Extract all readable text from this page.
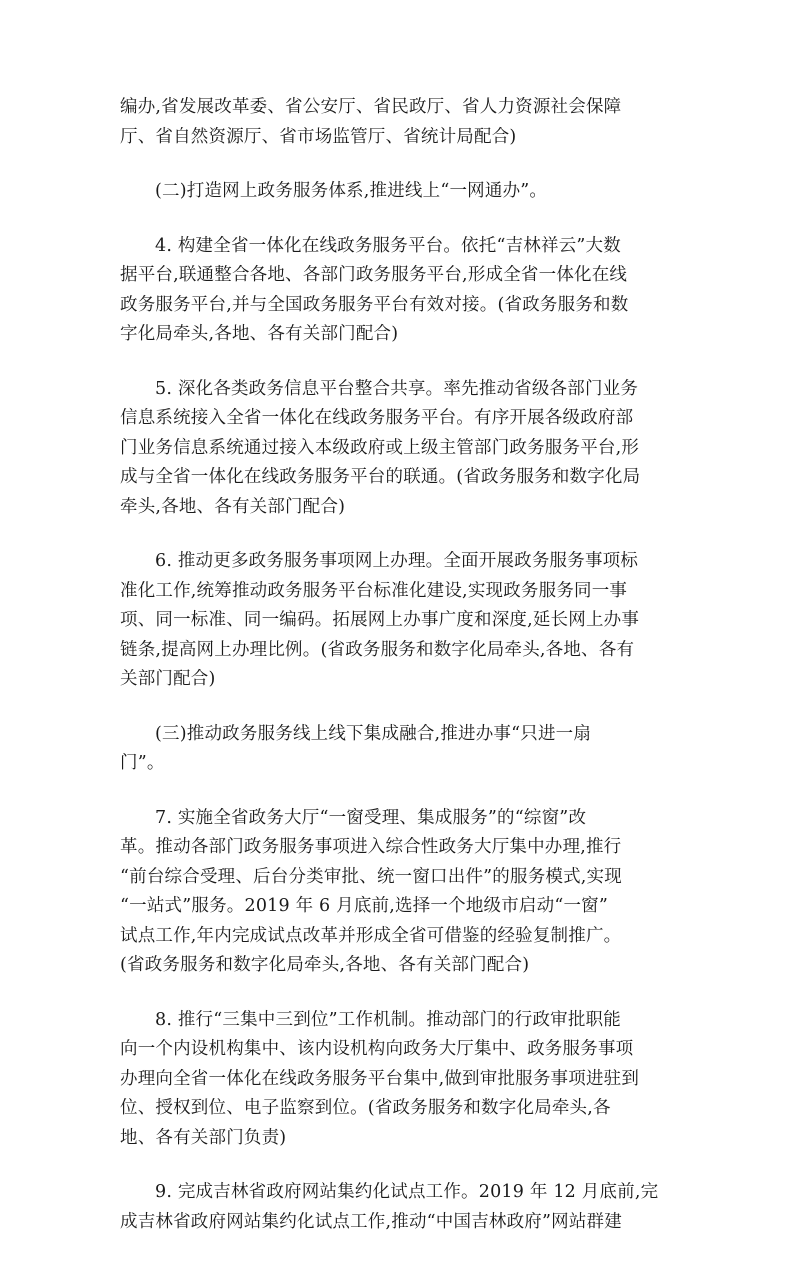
编办,省发展改革委、省公安厅、省民政厅、省人力资源社会保障
厅、省自然资源厅、省市场监管厅、省统计局配合)
(二)打造网上政务服务体系,推进线上“一网通办”。
4. 构建全省一体化在线政务服务平台。依托“吉林祥云”大数
据平台,联通整合各地、各部门政务服务平台,形成全省一体化在线
政务服务平台,并与全国政务服务平台有效对接。(省政务服务和数
字化局牵头,各地、各有关部门配合)
5. 深化各类政务信息平台整合共享。率先推动省级各部门业务
信息系统接入全省一体化在线政务服务平台。有序开展各级政府部
门业务信息系统通过接入本级政府或上级主管部门政务服务平台,形
成与全省一体化在线政务服务平台的联通。(省政务服务和数字化局
牵头,各地、各有关部门配合)
6. 推动更多政务服务事项网上办理。全面开展政务服务事项标
准化工作,统筹推动政务服务平台标准化建设,实现政务服务同一事
项、同一标准、同一编码。拓展网上办事广度和深度,延长网上办事
链条,提高网上办理比例。(省政务服务和数字化局牵头,各地、各有
关部门配合)
(三)推动政务服务线上线下集成融合,推进办事“只进一扇
门”。
7. 实施全省政务大厅“一窗受理、集成服务”的“综窗”改
革。推动各部门政务服务事项进入综合性政务大厅集中办理,推行
“前台综合受理、后台分类审批、统一窗口出件”的服务模式,实现
“一站式”服务。2019 年 6 月底前,选择一个地级市启动“一窗”
试点工作,年内完成试点改革并形成全省可借鉴的经验复制推广。
(省政务服务和数字化局牵头,各地、各有关部门配合)
8. 推行“三集中三到位”工作机制。推动部门的行政审批职能
向一个内设机构集中、该内设机构向政务大厅集中、政务服务事项
办理向全省一体化在线政务服务平台集中,做到审批服务事项进驻到
位、授权到位、电子监察到位。(省政务服务和数字化局牵头,各
地、各有关部门负责)
9. 完成吉林省政府网站集约化试点工作。2019 年 12 月底前,完
成吉林省政府网站集约化试点工作,推动“中国吉林政府”网站群建
